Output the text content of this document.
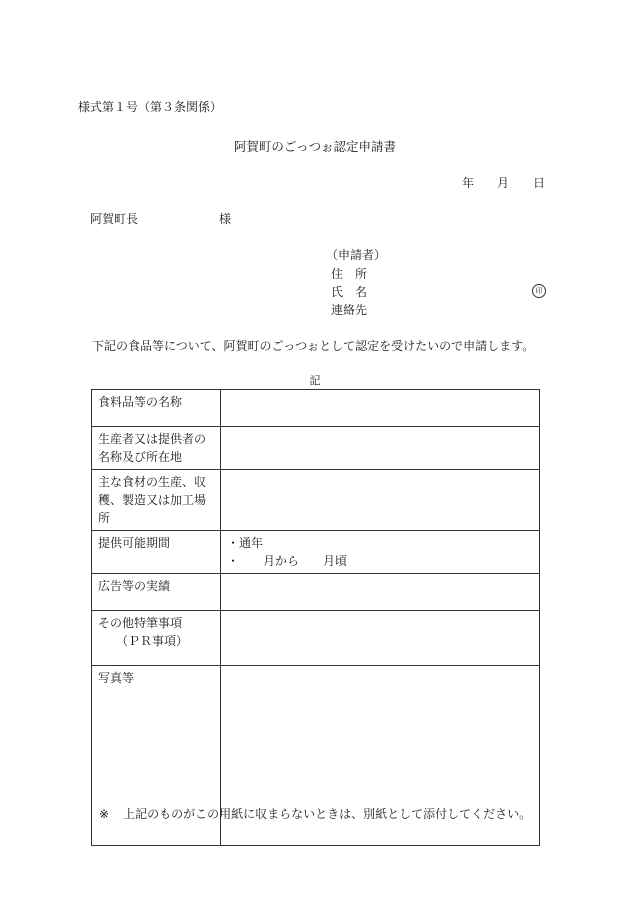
様式第１号（第３条関係）
阿賀町のごっつぉ認定申請書
年 月 日
阿賀町長	様
（申請者）
住　所
氏　名	印
連絡先
下記の食品等について、阿賀町のごっつぉとして認定を受けたいので申請します。
記
食料品等の名称	

生産者又は提供者の
名称及び所在地	

主な食材の生産、収
穫、製造又は加工場所	

提供可能期間	・通年
・　　月から　　月頃

広告等の実績	

その他特筆事項
　　（ＰＲ事項）	

写真等	

※ 上記のものがこの用紙に収まらないときは、別紙として添付してください。
